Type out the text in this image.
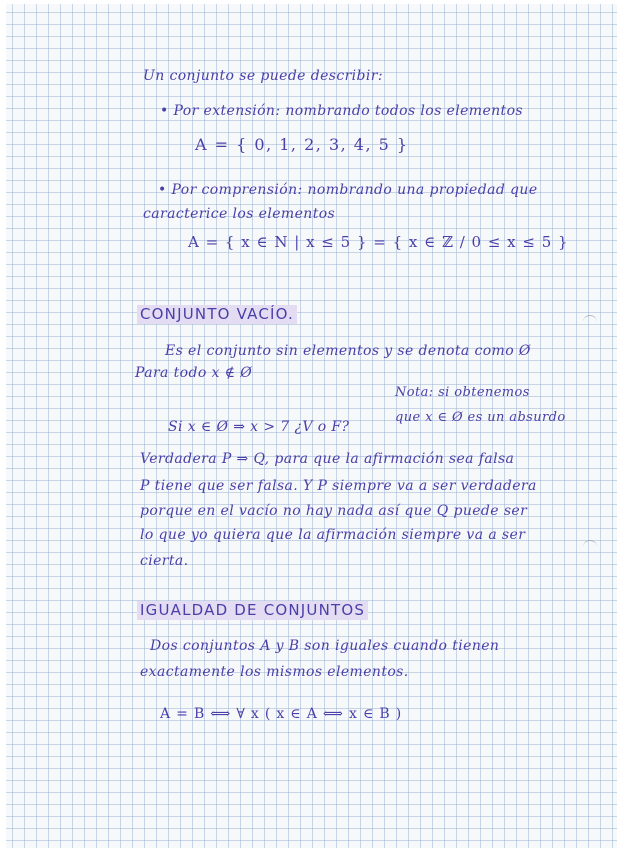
Un conjunto se puede describir:
• Por extensión: nombrando todos los elementos
A = { 0, 1, 2, 3, 4, 5 }
• Por comprensión: nombrando una propiedad que
caracterice los elementos
A = { x ∈ N | x ≤ 5 } = { x ∈ ℤ / 0 ≤ x ≤ 5 }
CONJUNTO VACÍO.
Es el conjunto sin elementos y se denota como Ø
Para todo x ∉ Ø
Nota: si obtenemos
que x ∈ Ø es un absurdo
Si x ∈ Ø ⇒ x > 7 ¿V o F?
Verdadera P ⇒ Q, para que la afirmación sea falsa
P tiene que ser falsa. Y P siempre va a ser verdadera
porque en el vacío no hay nada así que Q puede ser
lo que yo quiera que la afirmación siempre va a ser
cierta.
IGUALDAD DE CONJUNTOS
Dos conjuntos A y B son iguales cuando tienen
exactamente los mismos elementos.
A = B ⟺ ∀ x ( x ∈ A ⟺ x ∈ B )
